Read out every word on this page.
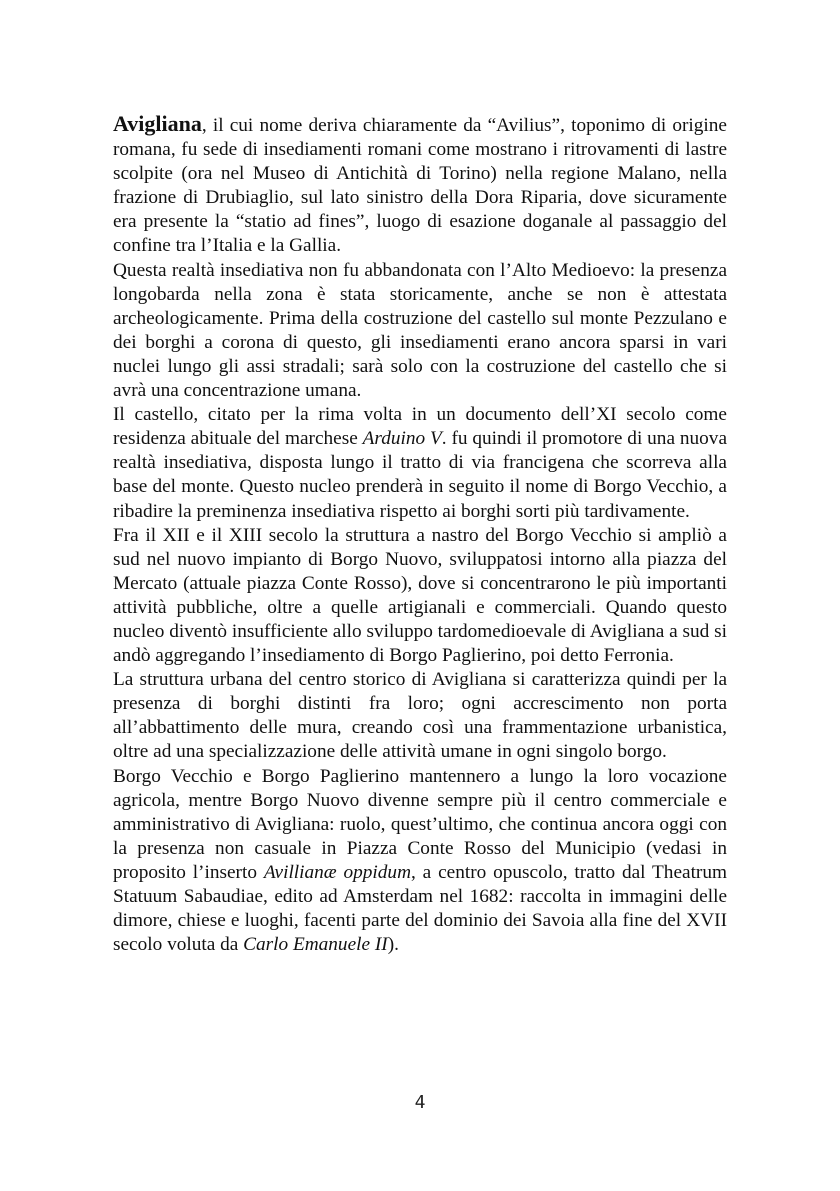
Avigliana, il cui nome deriva chiaramente da “Avilius”, toponimo di origine romana, fu sede di insediamenti romani come mostrano i ritrovamenti di lastre scolpite (ora nel Museo di Antichità di Torino) nella regione Malano, nella frazione di Drubiaglio, sul lato sinistro della Dora Riparia, dove sicuramente era presente la “statio ad fines”, luogo di esazione doganale al passaggio del confine tra l’Italia e la Gallia.

Questa realtà insediativa non fu abbandonata con l’Alto Medioevo: la presenza longobarda nella zona è stata storicamente, anche se non è attestata archeologicamente. Prima della costruzione del castello sul monte Pezzulano e dei borghi a corona di questo, gli insediamenti erano ancora sparsi in vari nuclei lungo gli assi stradali; sarà solo con la costruzione del castello che si avrà una concentrazione umana.

Il castello, citato per la rima volta in un documento dell’XI secolo come residenza abituale del marchese Arduino V. fu quindi il promotore di una nuova realtà insediativa, disposta lungo il tratto di via francigena che scorreva alla base del monte. Questo nucleo prenderà in seguito il nome di Borgo Vecchio, a ribadire la preminenza insediativa rispetto ai borghi sorti più tardivamente.

Fra il XII e il XIII secolo la struttura a nastro del Borgo Vecchio si ampliò a sud nel nuovo impianto di Borgo Nuovo, sviluppatosi intorno alla piazza del Mercato (attuale piazza Conte Rosso), dove si concentrarono le più importanti attività pubbliche, oltre a quelle artigianali e commerciali. Quando questo nucleo diventò insufficiente allo sviluppo tardomedioevale di Avigliana a sud si andò aggregando l’insediamento di Borgo Paglierino, poi detto Ferronia.

La struttura urbana del centro storico di Avigliana si caratterizza quindi per la presenza di borghi distinti fra loro; ogni accrescimento non porta all’abbattimento delle mura, creando così una frammentazione urbanistica, oltre ad una specializzazione delle attività umane in ogni singolo borgo.

Borgo Vecchio e Borgo Paglierino mantennero a lungo la loro vocazione agricola, mentre Borgo Nuovo divenne sempre più il centro commerciale e amministrativo di Avigliana: ruolo, quest’ultimo, che continua ancora oggi con la presenza non casuale in Piazza Conte Rosso del Municipio (vedasi in proposito l’inserto Avillianæ oppidum, a centro opuscolo, tratto dal Theatrum Statuum Sabaudiae, edito ad Amsterdam nel 1682: raccolta in immagini delle dimore, chiese e luoghi, facenti parte del dominio dei Savoia alla fine del XVII secolo voluta da Carlo Emanuele II).

4
